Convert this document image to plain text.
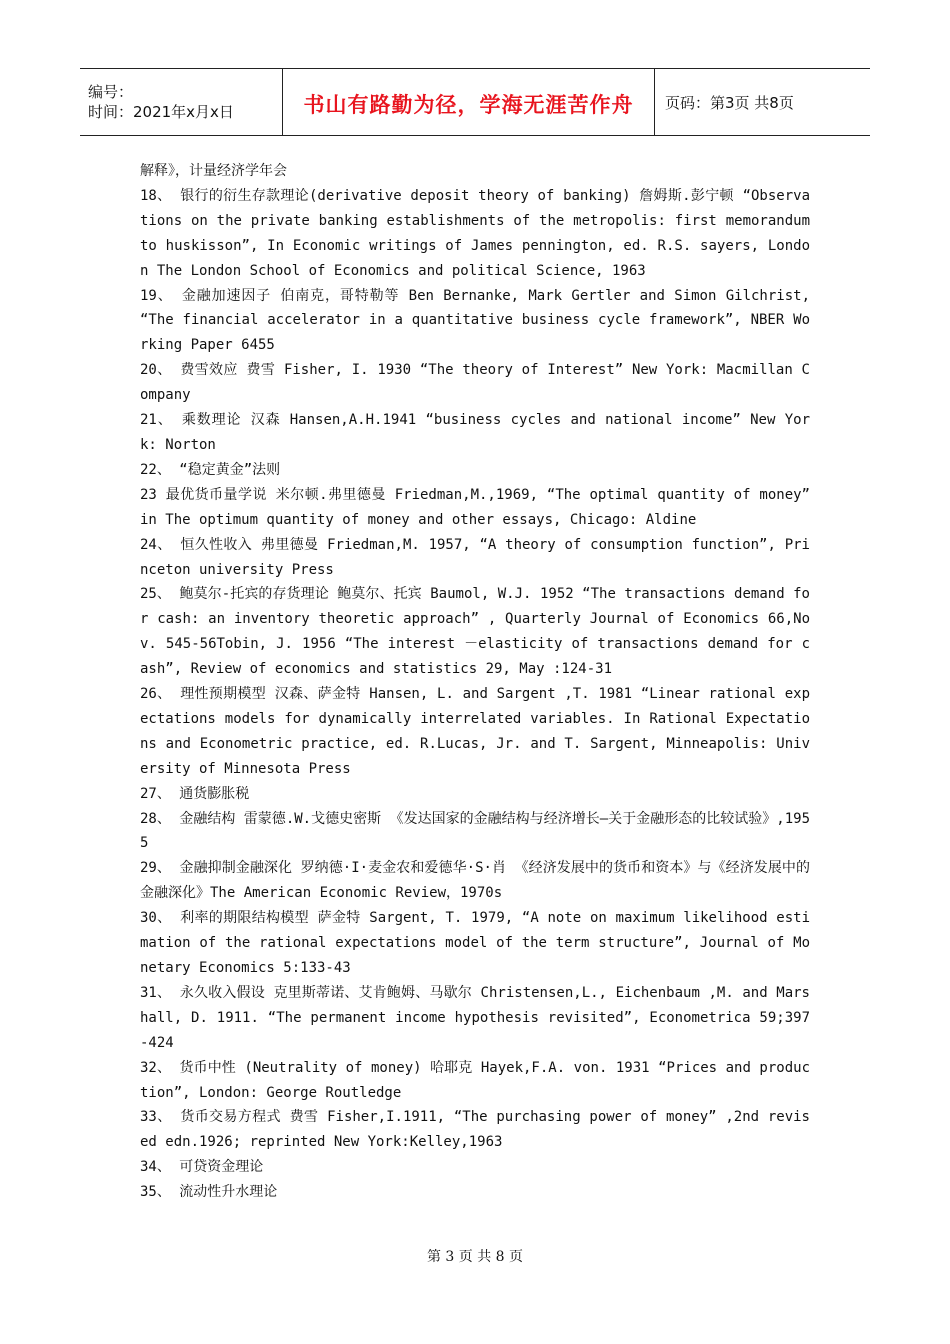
编号：
时间：2021年x月x日	书山有路勤为径，学海无涯苦作舟	页码：第3页 共8页

解释》，计量经济学年会

18、 银行的衍生存款理论(derivative deposit theory of banking) 詹姆斯.彭宁顿 “Observations on the private banking establishments of the metropolis: first memorandum to huskisson”, In Economic writings of James pennington, ed. R.S. sayers, London The London School of Economics and political Science, 1963

19、 金融加速因子 伯南克，哥特勒等 Ben Bernanke, Mark Gertler and Simon Gilchrist, “The financial accelerator in a quantitative business cycle framework”, NBER Working Paper 6455

20、 费雪效应 费雪 Fisher, I. 1930 “The theory of Interest” New York: Macmillan Company

21、 乘数理论 汉森 Hansen,A.H.1941 “business cycles and national income” New York: Norton

22、 “稳定黄金”法则

23 最优货币量学说 米尔顿.弗里德曼 Friedman,M.,1969, “The optimal quantity of money” in The optimum quantity of money and other essays, Chicago: Aldine

24、 恒久性收入 弗里德曼 Friedman,M. 1957, “A theory of consumption function”, Princeton university Press

25、 鲍莫尔-托宾的存货理论 鲍莫尔、托宾 Baumol, W.J. 1952 “The transactions demand for cash: an inventory theoretic approach” , Quarterly Journal of Economics 66,Nov. 545-56Tobin, J. 1956 “The interest －elasticity of transactions demand for cash”, Review of economics and statistics 29, May :124-31

26、 理性预期模型 汉森、萨金特 Hansen, L. and Sargent ,T. 1981 “Linear rational expectations models for dynamically interrelated variables. In Rational Expectations and Econometric practice, ed. R.Lucas, Jr. and T. Sargent, Minneapolis: University of Minnesota Press

27、 通货膨胀税

28、 金融结构 雷蒙德.W.戈德史密斯 《发达国家的金融结构与经济增长—关于金融形态的比较试验》,1955

29、 金融抑制金融深化 罗纳德·I·麦金农和爱德华·S·肖 《经济发展中的货币和资本》与《经济发展中的金融深化》The American Economic Review，1970s

30、 利率的期限结构模型 萨金特 Sargent, T. 1979, “A note on maximum likelihood estimation of the rational expectations model of the term structure”, Journal of Monetary Economics 5:133-43

31、 永久收入假设 克里斯蒂诺、艾肯鲍姆、马歇尔 Christensen,L., Eichenbaum ,M. and Marshall, D. 1911. “The permanent income hypothesis revisited”, Econometrica 59;397-424

32、 货币中性 (Neutrality of money) 哈耶克 Hayek,F.A. von. 1931 “Prices and production”, London: George Routledge

33、 货币交易方程式 费雪 Fisher,I.1911, “The purchasing power of money” ,2nd revised edn.1926; reprinted New York:Kelley,1963

34、 可贷资金理论

35、 流动性升水理论

第 3 页 共 8 页
